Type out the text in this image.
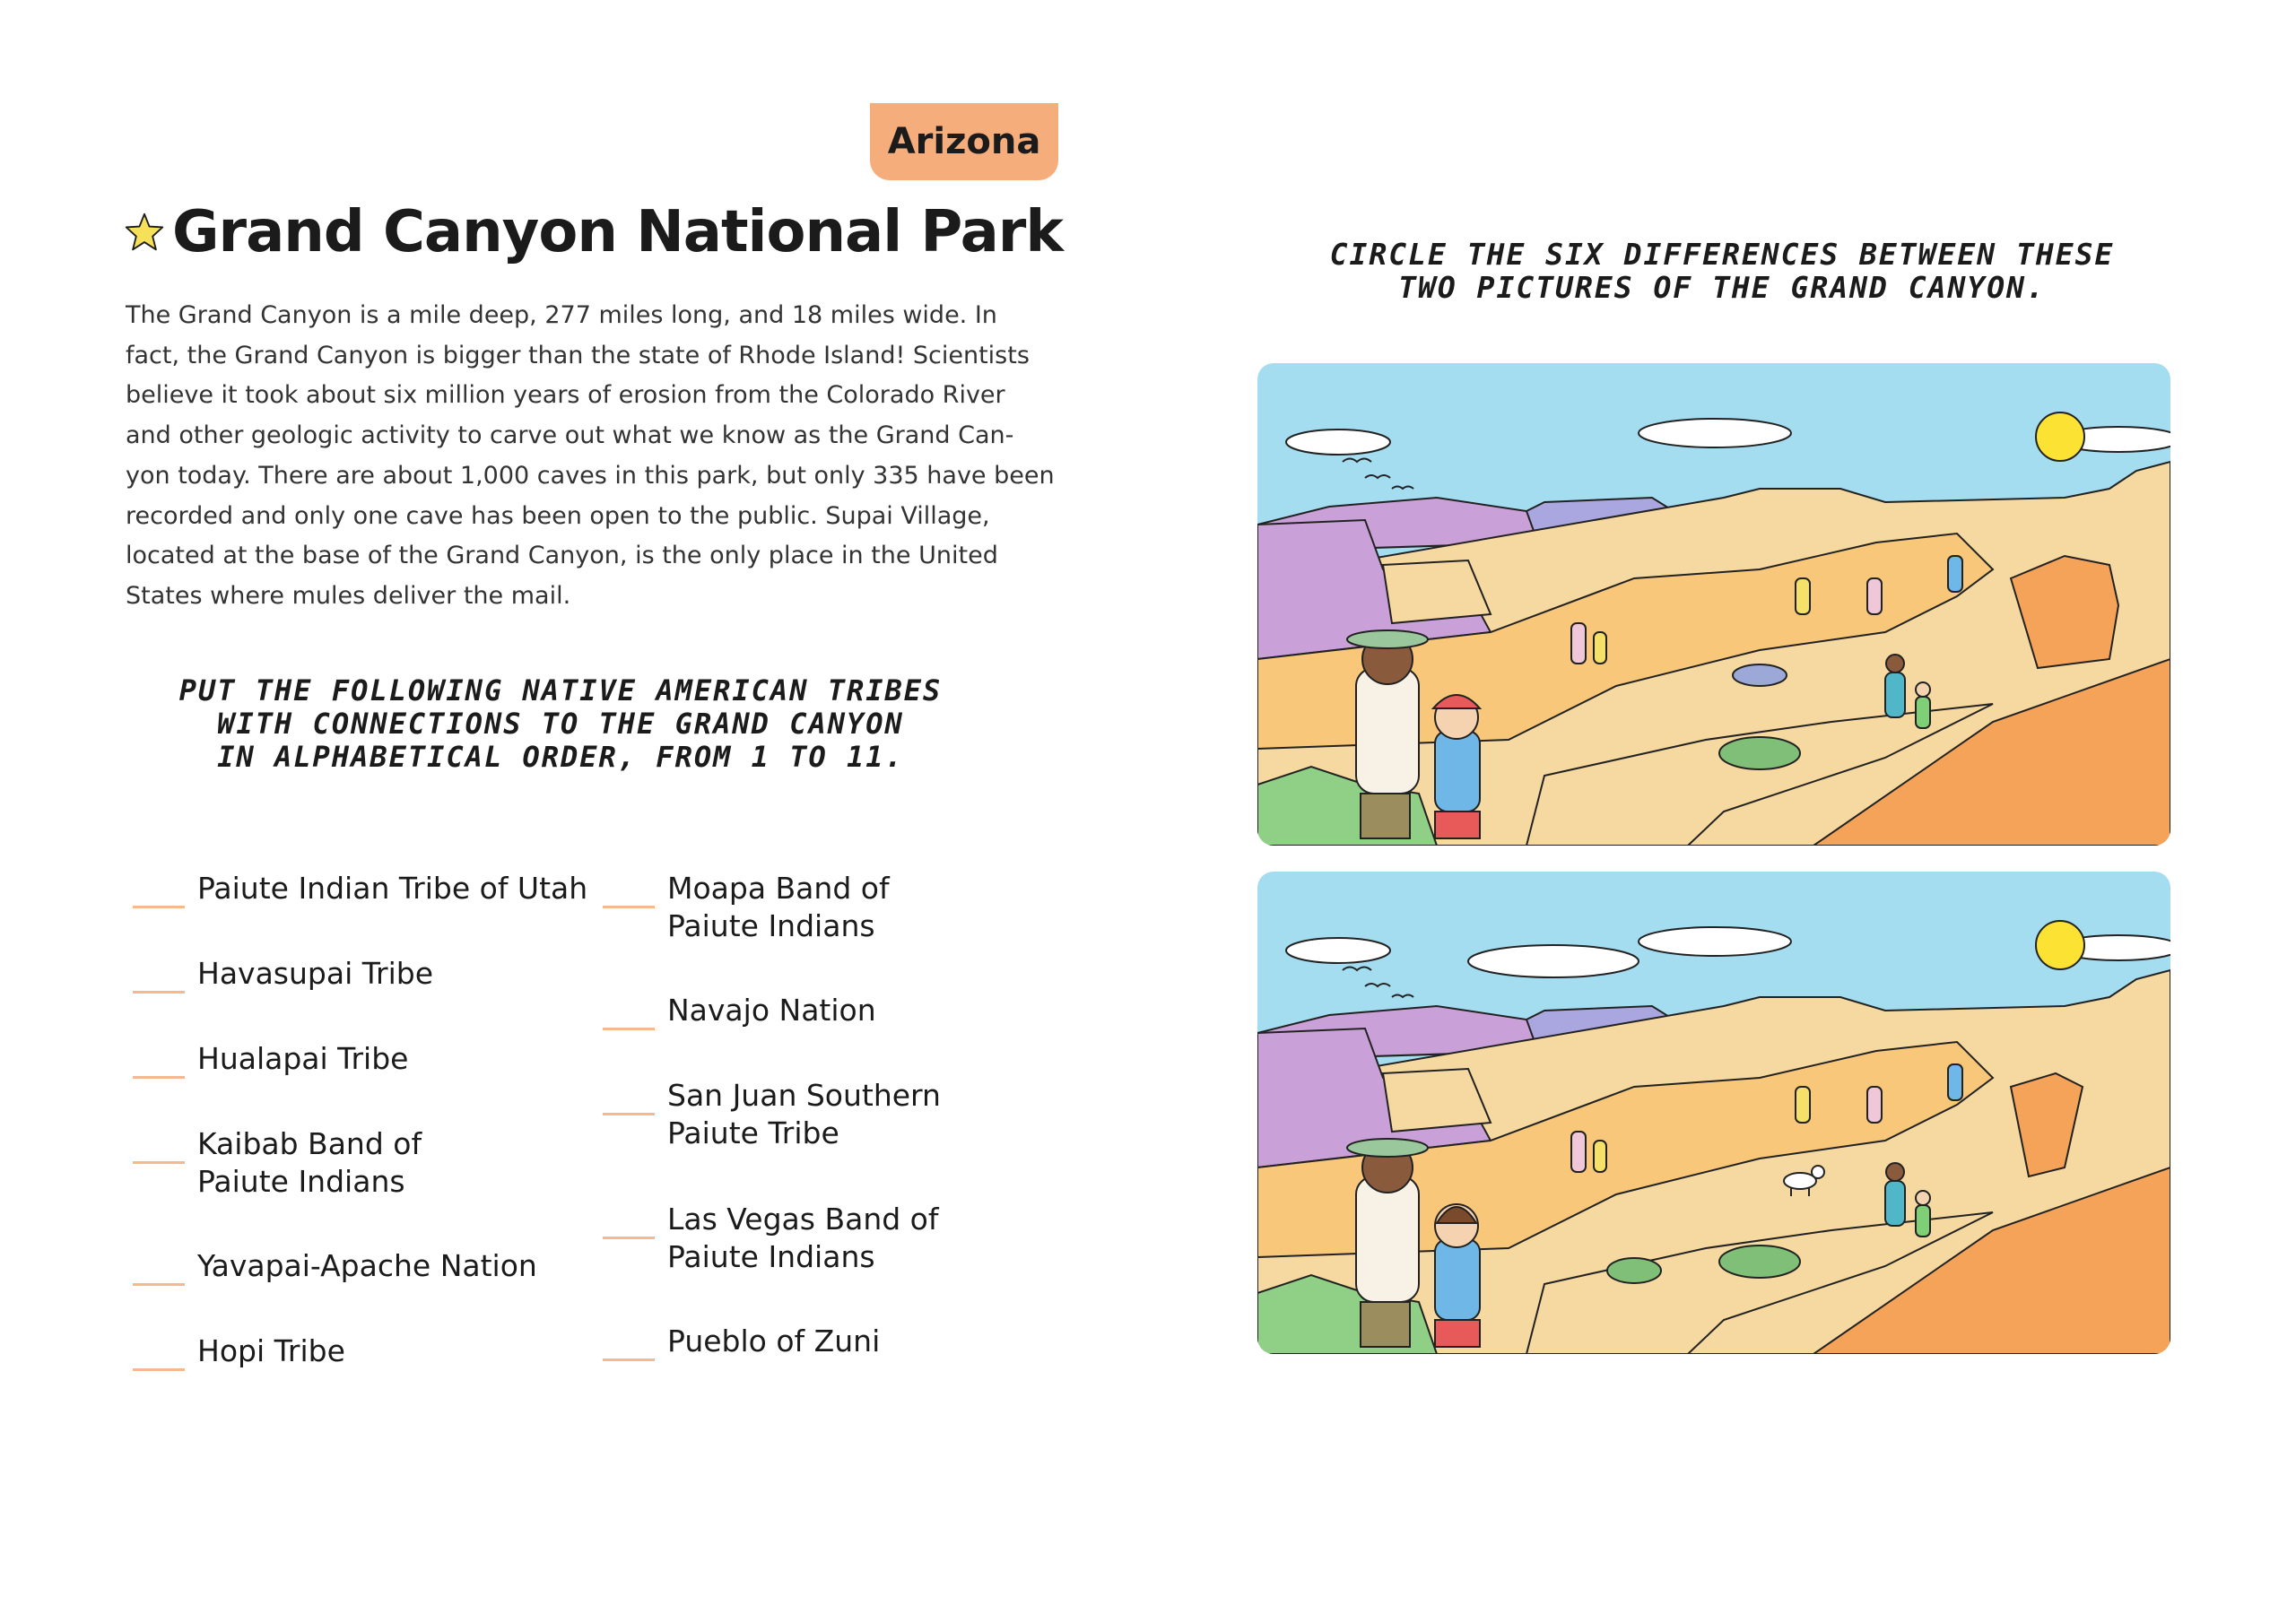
Arizona
Grand Canyon National Park
The Grand Canyon is a mile deep, 277 miles long, and 18 miles wide. In
fact, the Grand Canyon is bigger than the state of Rhode Island! Scientists
believe it took about six million years of erosion from the Colorado River
and other geologic activity to carve out what we know as the Grand Can-
yon today. There are about 1,000 caves in this park, but only 335 have been
recorded and only one cave has been open to the public. Supai Village,
located at the base of the Grand Canyon, is the only place in the United
States where mules deliver the mail.
PUT THE FOLLOWING NATIVE AMERICAN TRIBES
WITH CONNECTIONS TO THE GRAND CANYON
IN ALPHABETICAL ORDER, FROM 1 TO 11.
Paiute Indian Tribe of Utah
Havasupai Tribe
Hualapai Tribe
Kaibab Band of
Paiute Indians
Yavapai-Apache Nation
Hopi Tribe
Moapa Band of
Paiute Indians
Navajo Nation
San Juan Southern
Paiute Tribe
Las Vegas Band of
Paiute Indians
Pueblo of Zuni
CIRCLE THE SIX DIFFERENCES BETWEEN THESE
TWO PICTURES OF THE GRAND CANYON.
